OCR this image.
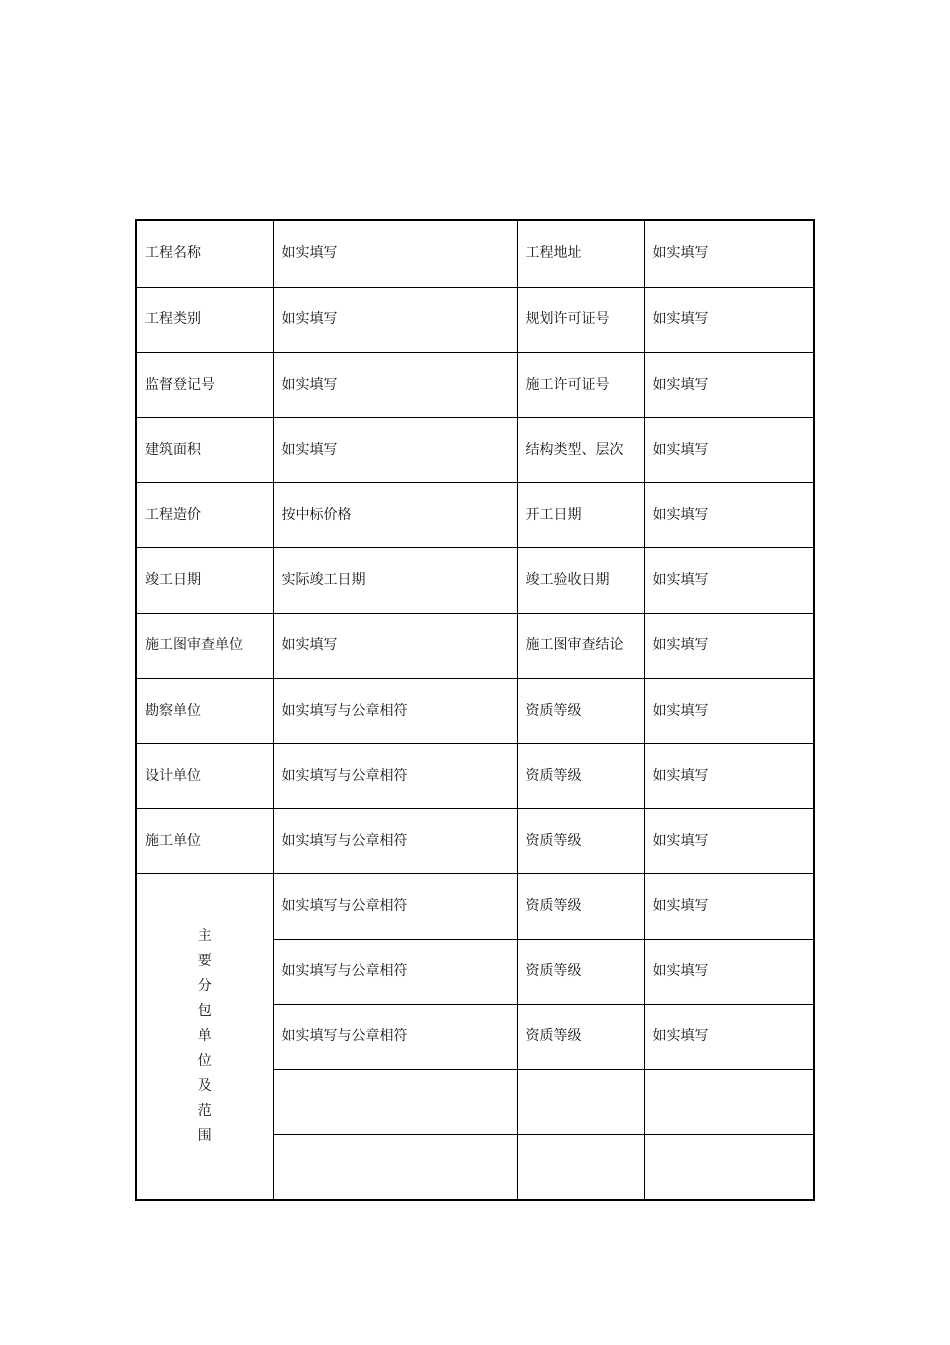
工程名称	如实填写	工程地址	如实填写
工程类别	如实填写	规划许可证号	如实填写
监督登记号	如实填写	施工许可证号	如实填写
建筑面积	如实填写	结构类型、层次	如实填写
工程造价	按中标价格	开工日期	如实填写
竣工日期	实际竣工日期	竣工验收日期	如实填写
施工图审查单位	如实填写	施工图审查结论	如实填写
勘察单位	如实填写与公章相符	资质等级	如实填写
设计单位	如实填写与公章相符	资质等级	如实填写
施工单位	如实填写与公章相符	资质等级	如实填写
主要分包单位及范围	如实填写与公章相符	资质等级	如实填写
	如实填写与公章相符	资质等级	如实填写
	如实填写与公章相符	资质等级	如实填写
